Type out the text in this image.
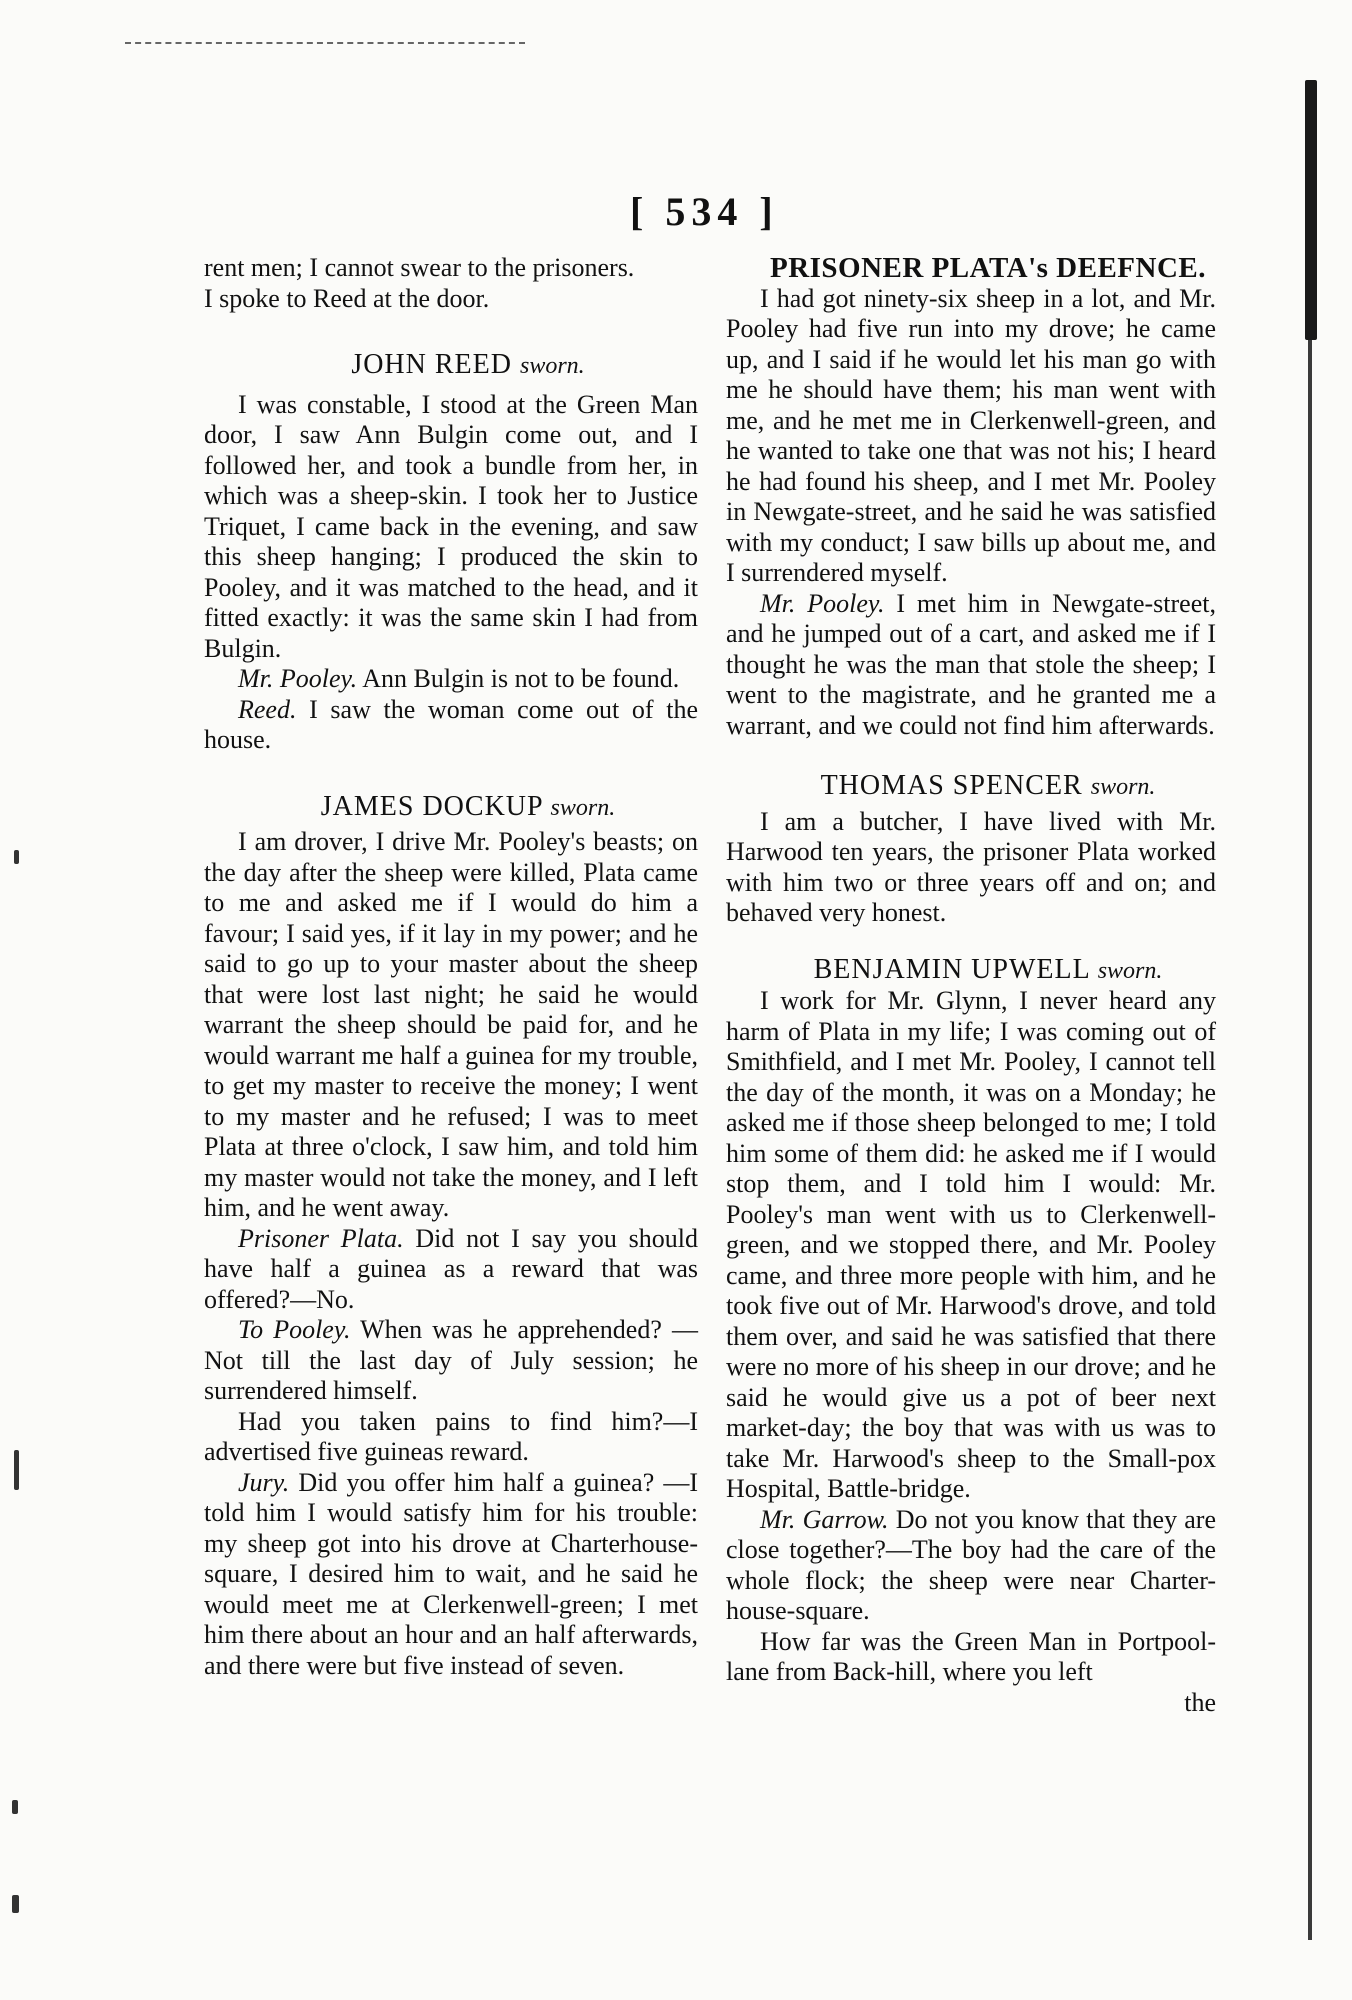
[ 534 ]

rent men; I cannot swear to the prisoners.

I spoke to Reed at the door.

JOHN REED sworn.

I was constable, I stood at the Green Man door, I saw Ann Bulgin come out, and I followed her, and took a bundle from her, in which was a sheep-skin. I took her to Justice Triquet, I came back in the evening, and saw this sheep hanging; I produced the skin to Pooley, and it was matched to the head, and it fitted exactly: it was the same skin I had from Bulgin.

Mr. Pooley. Ann Bulgin is not to be found.

Reed. I saw the woman come out of the house.

JAMES DOCKUP sworn.

I am drover, I drive Mr. Pooley's beasts; on the day after the sheep were killed, Plata came to me and asked me if I would do him a favour; I said yes, if it lay in my power; and he said to go up to your master about the sheep that were lost last night; he said he would warrant the sheep should be paid for, and he would warrant me half a guinea for my trouble, to get my master to receive the money; I went to my master and he refused; I was to meet Plata at three o'clock, I saw him, and told him my master would not take the money, and I left him, and he went away.

Prisoner Plata. Did not I say you should have half a guinea as a reward that was offered?—No.

To Pooley. When was he apprehended? —Not till the last day of July session; he surrendered himself.

Had you taken pains to find him?—I advertised five guineas reward.

Jury. Did you offer him half a guinea? —I told him I would satisfy him for his trouble: my sheep got into his drove at Charterhouse-square, I desired him to wait, and he said he would meet me at Clerkenwell-green; I met him there about an hour and an half afterwards, and there were but five instead of seven.

PRISONER PLATA's DEEFNCE.

I had got ninety-six sheep in a lot, and Mr. Pooley had five run into my drove; he came up, and I said if he would let his man go with me he should have them; his man went with me, and he met me in Clerkenwell-green, and he wanted to take one that was not his; I heard he had found his sheep, and I met Mr. Pooley in Newgate-street, and he said he was satisfied with my conduct; I saw bills up about me, and I surrendered myself.

Mr. Pooley. I met him in Newgate-street, and he jumped out of a cart, and asked me if I thought he was the man that stole the sheep; I went to the magistrate, and he granted me a warrant, and we could not find him afterwards.

THOMAS SPENCER sworn.

I am a butcher, I have lived with Mr. Harwood ten years, the prisoner Plata worked with him two or three years off and on; and behaved very honest.

BENJAMIN UPWELL sworn.

I work for Mr. Glynn, I never heard any harm of Plata in my life; I was coming out of Smithfield, and I met Mr. Pooley, I cannot tell the day of the month, it was on a Monday; he asked me if those sheep belonged to me; I told him some of them did: he asked me if I would stop them, and I told him I would: Mr. Pooley's man went with us to Clerkenwell-green, and we stopped there, and Mr. Pooley came, and three more people with him, and he took five out of Mr. Harwood's drove, and told them over, and said he was satisfied that there were no more of his sheep in our drove; and he said he would give us a pot of beer next market-day; the boy that was with us was to take Mr. Harwood's sheep to the Small-pox Hospital, Battle-bridge.

Mr. Garrow. Do not you know that they are close together?—The boy had the care of the whole flock; the sheep were near Charter-house-square.

How far was the Green Man in Portpool-lane from Back-hill, where you left

the
